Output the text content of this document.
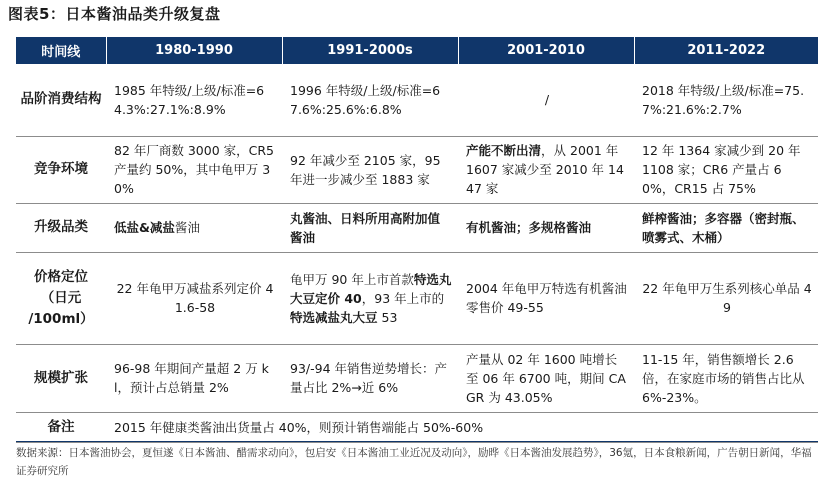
图表5：日本酱油品类升级复盘
时间线	1980-1990	1991-2000s	2001-2010	2011-2022
品阶消费结构	1985 年特级/上级/标准=64.3%:27.1%:8.9%	1996 年特级/上级/标准=67.6%:25.6%:6.8%	/	2018 年特级/上级/标准=75.7%:21.6%:2.7%
竞争环境	82 年厂商数 3000 家，CR5 产量约 50%，其中龟甲万 30%	92 年减少至 2105 家，95 年进一步减少至 1883 家	产能不断出清，从 2001 年 1607 家减少至 2010 年 1447 家	12 年 1364 家减少到 20 年 1108 家；CR6 产量占 60%，CR15 占 75%
升级品类	低盐&减盐酱油	丸酱油、日料所用高附加值酱油	有机酱油；多规格酱油	鲜榨酱油；多容器（密封瓶、喷雾式、木桶）

价格定位
（日元
/100ml）	22 年龟甲万减盐系列定价 41.6-58	龟甲万 90 年上市首款特选丸大豆定价 40，93 年上市的特选减盐丸大豆 53	2004 年龟甲万特选有机酱油零售价 49-55	22 年龟甲万生系列核心单品 49
规模扩张	96-98 年期间产量超 2 万 kl，预计占总销量 2%	93/-94 年销售逆势增长：产量占比 2%→近 6%	产量从 02 年 1600 吨增长至 06 年 6700 吨，期间 CAGR 为 43.05%	11-15 年，销售额增长 2.6 倍，在家庭市场的销售占比从 6%-23%。
备注	2015 年健康类酱油出货量占 40%，则预计销售端能占 50%-60%			
数据来源：日本酱油协会，夏恒遂《日本酱油、醋需求动向》，包启安《日本酱油工业近况及动向》，励晔《日本酱油发展趋势》，36氪，日本食粮新闻，广告朝日新闻，华福证券研究所
